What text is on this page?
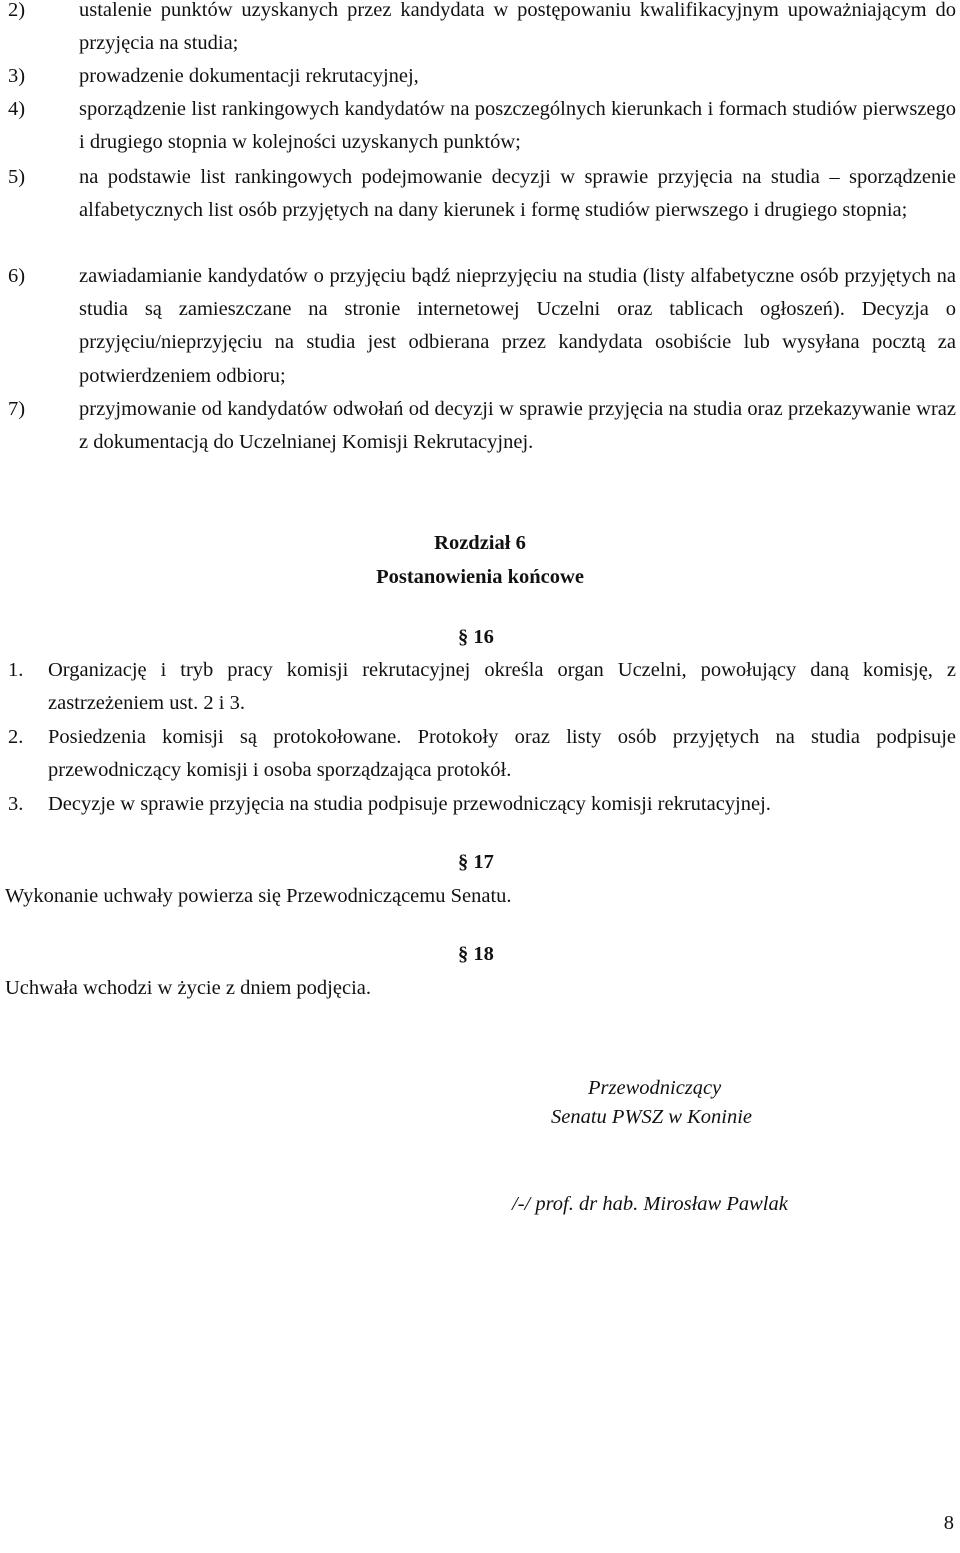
2)	ustalenie punktów uzyskanych przez kandydata w postępowaniu kwalifikacyjnym upoważniającym do przyjęcia na studia;
3)	prowadzenie dokumentacji rekrutacyjnej,
4)	sporządzenie list rankingowych kandydatów na poszczególnych kierunkach i formach studiów pierwszego i drugiego stopnia w kolejności uzyskanych punktów;
5)	na podstawie list rankingowych podejmowanie decyzji w sprawie przyjęcia na studia – sporządzenie alfabetycznych list osób przyjętych na dany kierunek i formę studiów pierwszego i drugiego stopnia;
6)	zawiadamianie kandydatów o przyjęciu bądź nieprzyjęciu na studia (listy alfabetyczne osób przyjętych na studia są zamieszczane na stronie internetowej Uczelni oraz tablicach ogłoszeń). Decyzja o przyjęciu/nieprzyjęciu na studia jest odbierana przez kandydata osobiście lub wysyłana pocztą za potwierdzeniem odbioru;
7)	przyjmowanie od kandydatów odwołań od decyzji w sprawie przyjęcia na studia oraz przekazywanie wraz z dokumentacją do Uczelnianej Komisji Rekrutacyjnej.
Rozdział 6
Postanowienia końcowe
§ 16
1. Organizację i tryb pracy komisji rekrutacyjnej określa organ Uczelni, powołujący daną komisję, z zastrzeżeniem ust. 2 i 3.
2. Posiedzenia komisji są protokołowane. Protokoły oraz listy osób przyjętych na studia podpisuje przewodniczący komisji i osoba sporządzająca protokół.
3. Decyzje w sprawie przyjęcia na studia podpisuje przewodniczący komisji rekrutacyjnej.
§ 17
Wykonanie uchwały powierza się Przewodniczącemu Senatu.
§ 18
Uchwała wchodzi w życie z dniem podjęcia.
Przewodniczący
Senatu PWSZ w Koninie
/-/ prof. dr hab. Mirosław Pawlak
8
